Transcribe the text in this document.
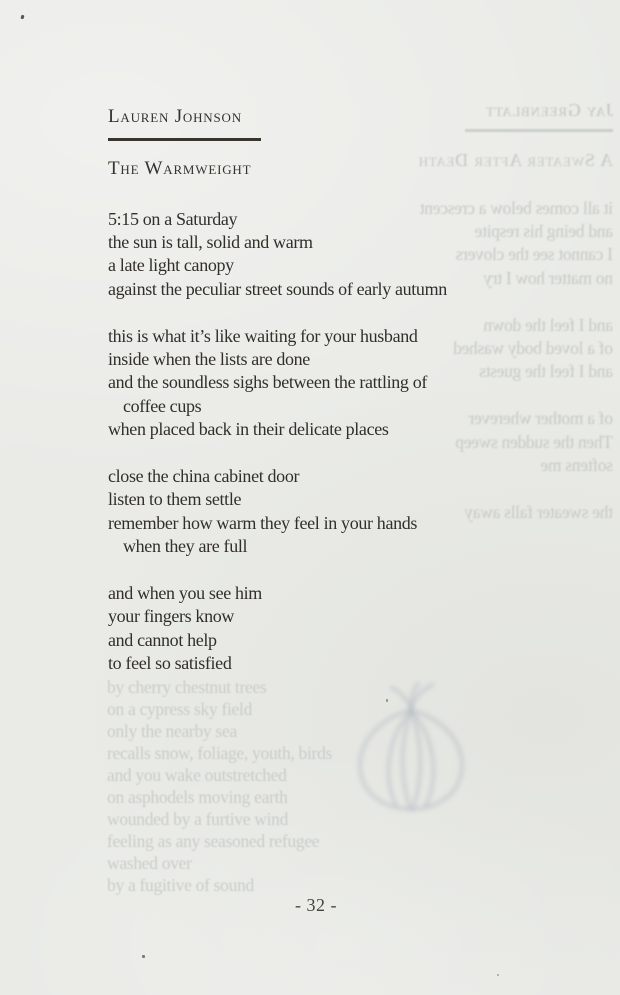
Jay Greenblatt
A Sweater After Death
it all comes below a crescent
and being his respite
I cannot see the clovers
no matter how I try
and I feel the down
of a loved body washed
and I feel the guests
of a mother wherever
Then the sudden sweep
softens me
the sweater falls away
by cherry chestnut trees
on a cypress sky field
only the nearby sea
recalls snow, foliage, youth, birds
and you wake outstretched
on asphodels moving earth
wounded by a furtive wind
feeling as any seasoned refugee
washed over
by a fugitive of sound
Lauren Johnson
The Warmweight
5:15 on a Saturday
the sun is tall, solid and warm
a late light canopy
against the peculiar street sounds of early autumn
this is what it’s like waiting for your husband
inside when the lists are done
and the soundless sighs between the rattling of
coffee cups
when placed back in their delicate places
close the china cabinet door
listen to them settle
remember how warm they feel in your hands
when they are full
and when you see him
your fingers know
and cannot help
to feel so satisfied
- 32 -
